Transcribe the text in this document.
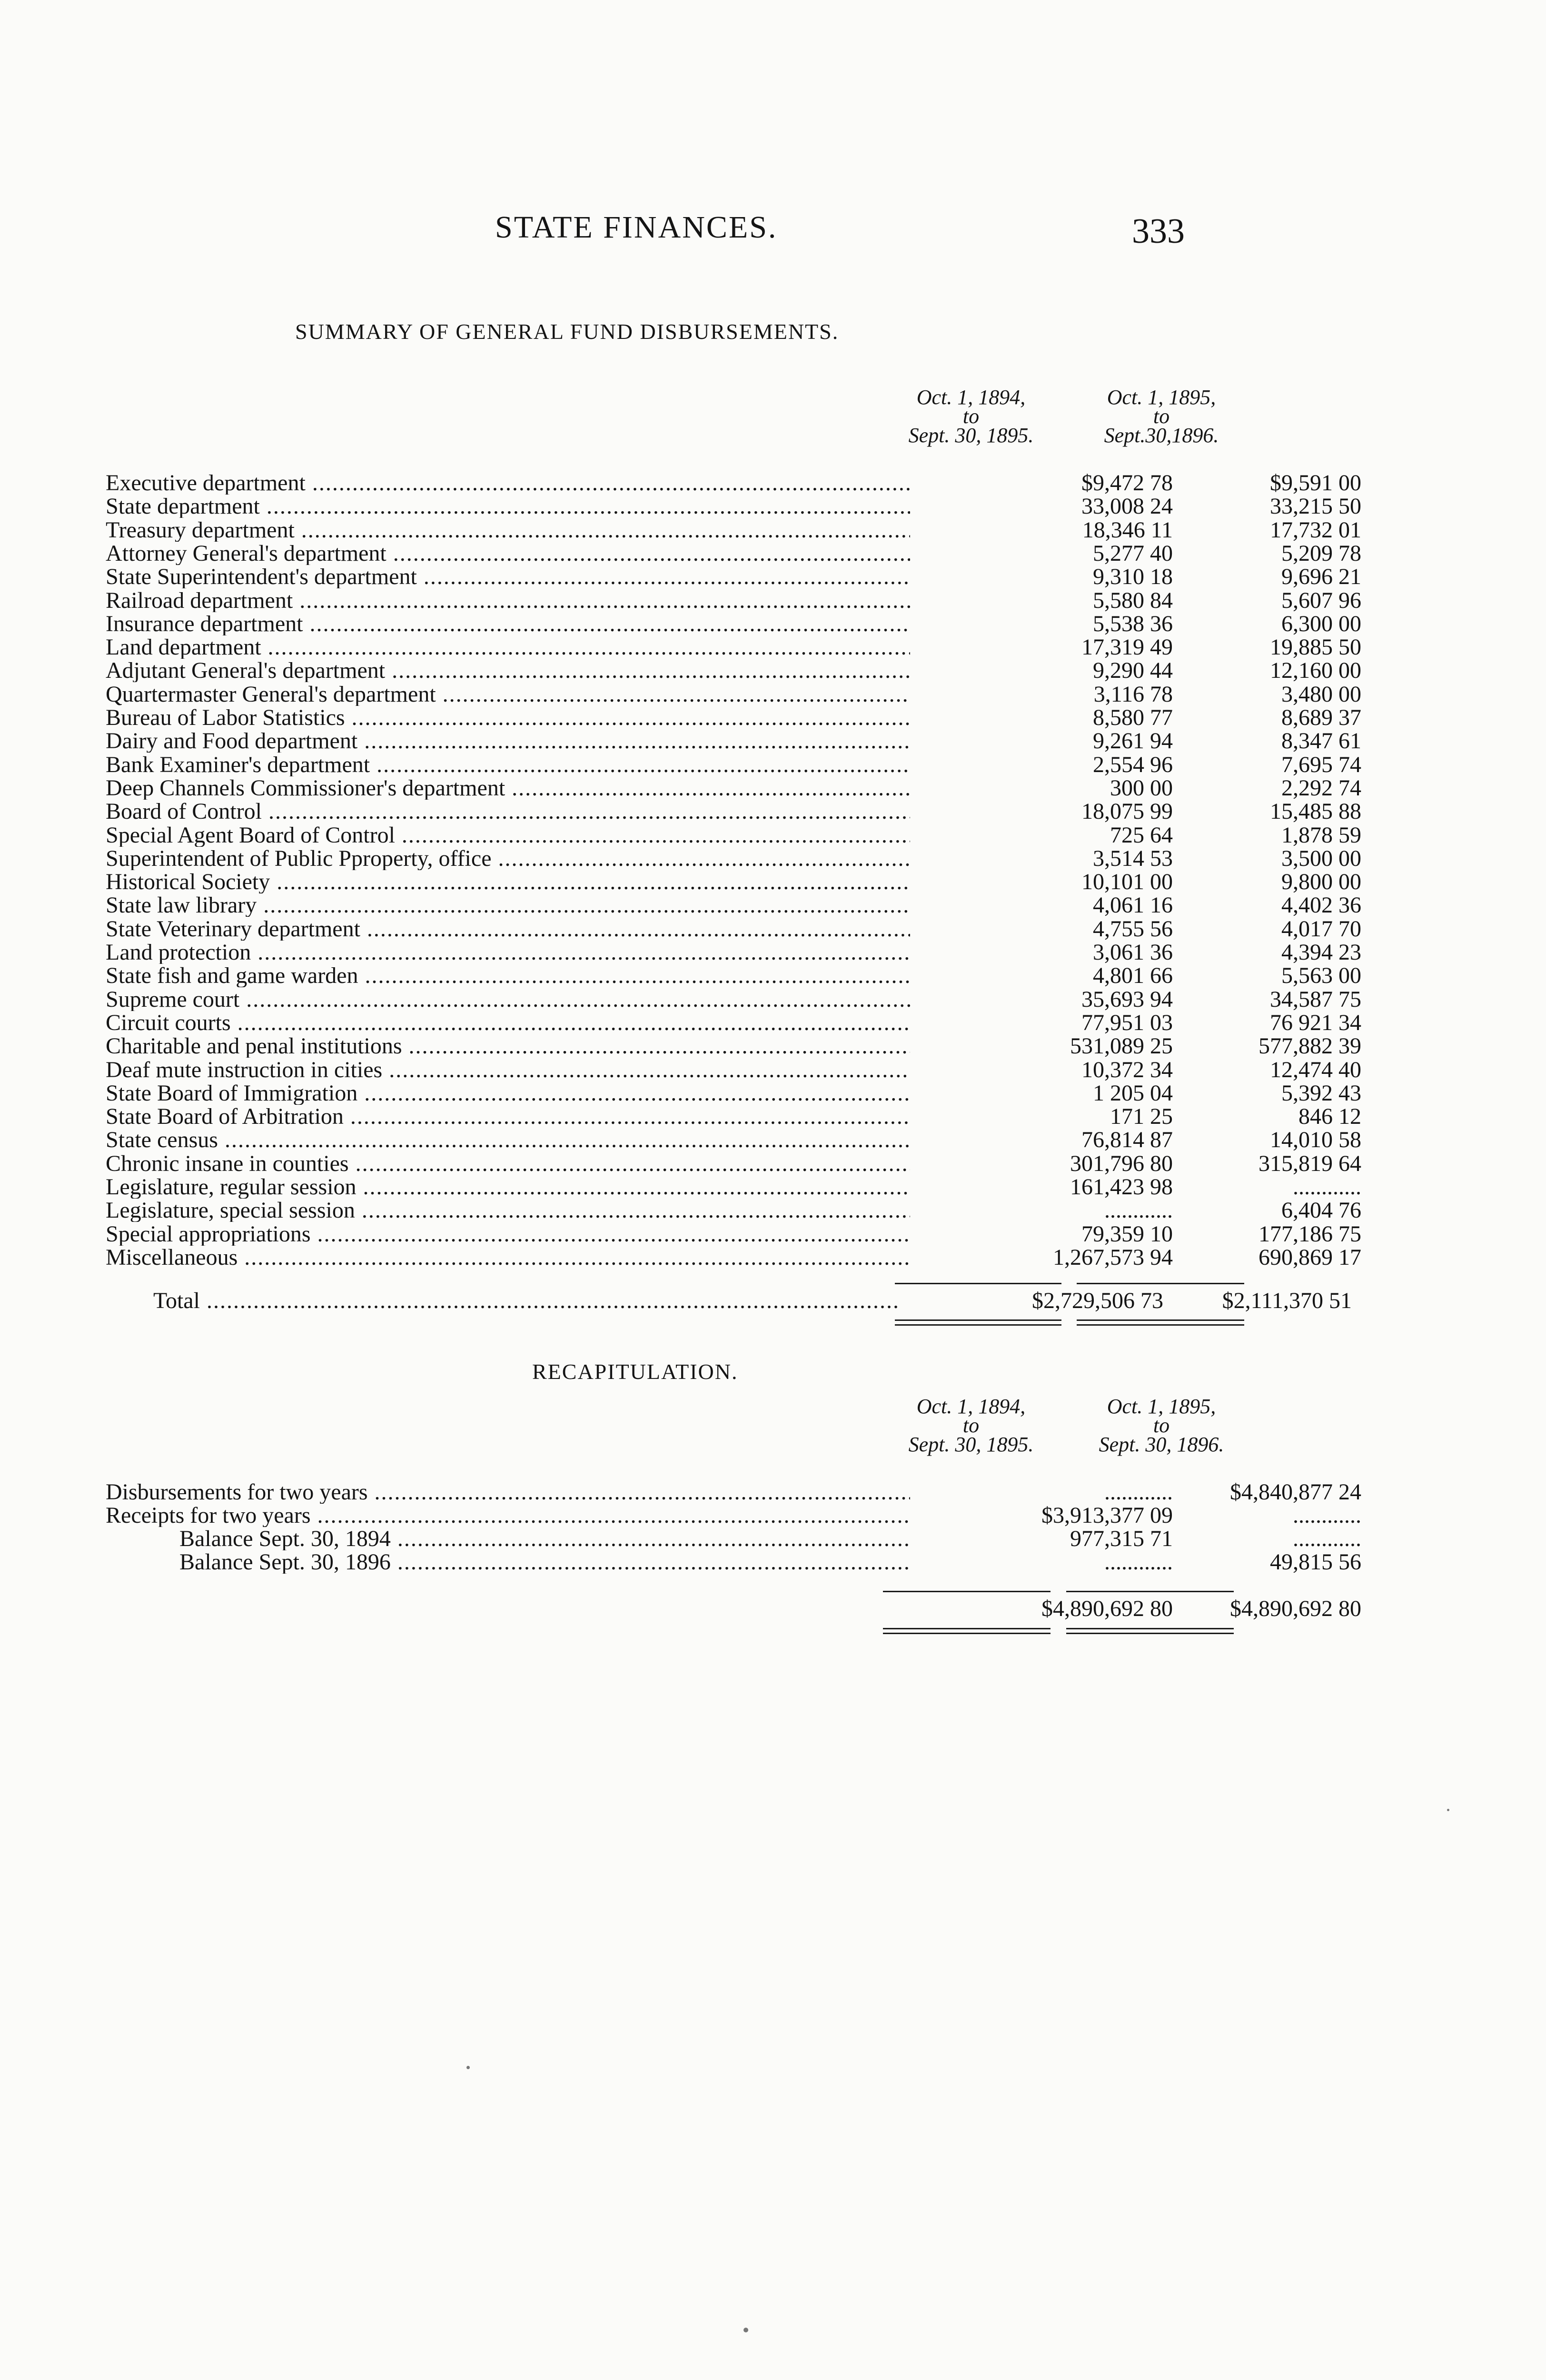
STATE FINANCES.	333
SUMMARY OF GENERAL FUND DISBURSEMENTS.
Oct. 1, 1894,
to
Sept. 30, 1895.
Oct. 1, 1895,
to
Sept.30,1896.
Executive department .....	$9,472 78	$9,591 00
State department .....	33,008 24	33,215 50
Treasury department .....	18,346 11	17,732 01
Attorney General's department .....	5,277 40	5,209 78
State Superintendent's department .....	9,310 18	9,696 21
Railroad department .....	5,580 84	5,607 96
Insurance department .....	5,538 36	6,300 00
Land department .....	17,319 49	19,885 50
Adjutant General's department .....	9,290 44	12,160 00
Quartermaster General's department .....	3,116 78	3,480 00
Bureau of Labor Statistics .....	8,580 77	8,689 37
Dairy and Food department .....	9,261 94	8,347 61
Bank Examiner's department .....	2,554 96	7,695 74
Deep Channels Commissioner's department .....	300 00	2,292 74
Board of Control .....	18,075 99	15,485 88
Special Agent Board of Control .....	725 64	1,878 59
Superintendent of Public Pproperty, office .....	3,514 53	3,500 00
Historical Society .....	10,101 00	9,800 00
State law library .....	4,061 16	4,402 36
State Veterinary department .....	4,755 56	4,017 70
Land protection .....	3,061 36	4,394 23
State fish and game warden .....	4,801 66	5,563 00
Supreme court .....	35,693 94	34,587 75
Circuit courts .....	77,951 03	76 921 34
Charitable and penal institutions .....	531,089 25	577,882 39
Deaf mute instruction in cities .....	10,372 34	12,474 40
State Board of Immigration .....	1 205 04	5,392 43
State Board of Arbitration .....	171 25	846 12
State census .....	76,814 87	14,010 58
Chronic insane in counties .....	301,796 80	315,819 64
Legislature, regular session .....	161,423 98	............
Legislature, special session .....	............	6,404 76
Special appropriations .....	79,359 10	177,186 75
Miscellaneous .....	1,267,573 94	690,869 17
Total .....	$2,729,506 73	$2,111,370 51
RECAPITULATION.
Oct. 1, 1894,
to
Sept. 30, 1895.
Oct. 1, 1895,
to
Sept. 30, 1896.
Disbursements for two years .....	............	$4,840,877 24
Receipts for two years .....	$3,913,377 09	............
Balance Sept. 30, 1894 .....	977,315 71	............
Balance Sept. 30, 1896 .....	............	49,815 56
$4,890,692 80	$4,890,692 80
